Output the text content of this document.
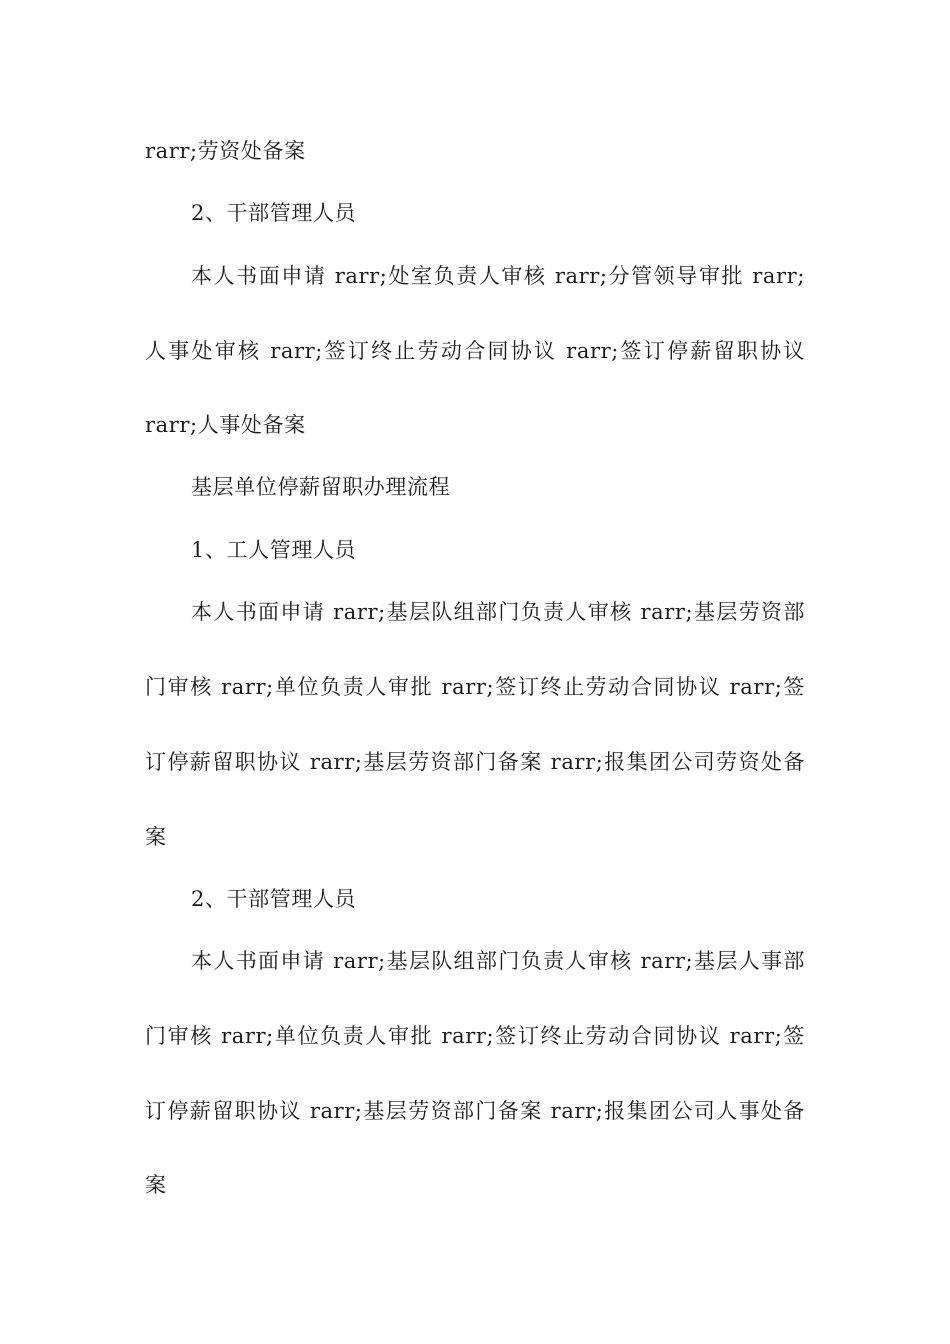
rarr;劳资处备案

2、干部管理人员

本人书面申请 rarr;处室负责人审核 rarr;分管领导审批 rarr;

人事处审核 rarr;签订终止劳动合同协议 rarr;签订停薪留职协议

rarr;人事处备案

基层单位停薪留职办理流程

1、工人管理人员

本人书面申请 rarr;基层队组部门负责人审核 rarr;基层劳资部

门审核 rarr;单位负责人审批 rarr;签订终止劳动合同协议 rarr;签

订停薪留职协议 rarr;基层劳资部门备案 rarr;报集团公司劳资处备

案

2、干部管理人员

本人书面申请 rarr;基层队组部门负责人审核 rarr;基层人事部

门审核 rarr;单位负责人审批 rarr;签订终止劳动合同协议 rarr;签

订停薪留职协议 rarr;基层劳资部门备案 rarr;报集团公司人事处备

案
